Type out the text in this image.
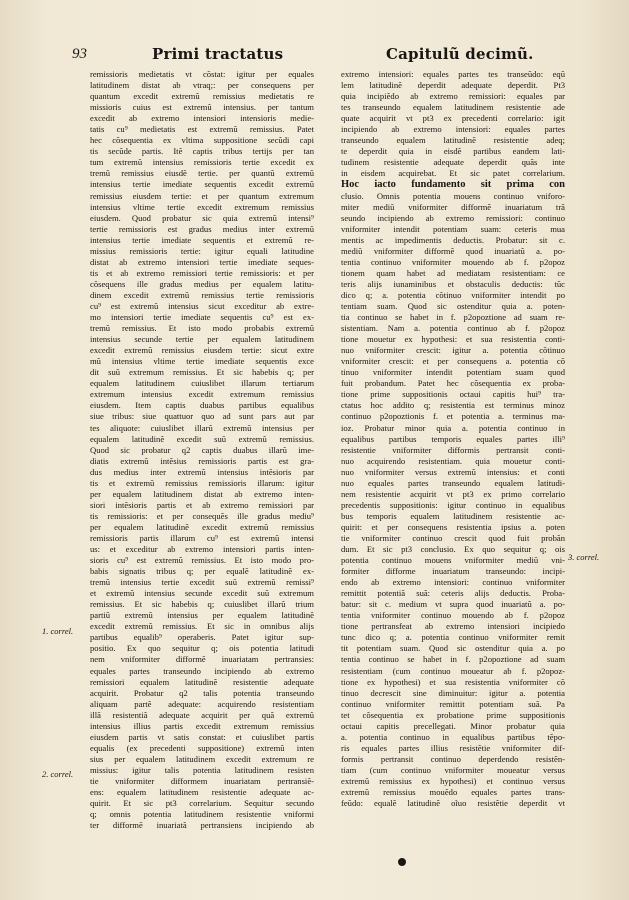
93	Primi tractatus	Capitulũ decimũ.
remissioris medietatis vt cõstat: igitur per equales
latitudinem distat ab vtraq;: per consequens per
quantum excedit extremũ remissius medietatis re
missioris cuius est extremũ intensius. per tantum
excedit ab extremo intensiori intensioris medie-
tatis cu⁹ medietatis est extremũ remissius. Patet
hec cõsequentia ex vltima suppositione secũdi capi
tis secũde partis. Itẽ captis tribus tertijs per tan
tum extremũ intensius remissioris tertie excedit ex
tremũ remissius eiusdẽ tertie. per quantũ extremũ
intensius tertie imediate sequentis excedit extremũ
remissius eiusdem tertie: et per quantum extremum
intensius vltime tertie excedit extremum remissius
eiusdem. Quod probatur sic quia extremũ intensi⁹
tertie remissioris est gradus medius inter extremũ
intensius tertie imediate sequentis et extremũ re-
missius remissioris tertie: igitur equali latitudine
distat ab extremo intensiori tertie imediate seques-
tis et ab extremo remissiori tertie remissioris: et per
cõsequens ille gradus medius per equalem latitu-
dinem excedit extremũ remissius tertie remissioris
cu⁹ est extremũ intensius sicut exceditur ab extre-
mo intensiori tertie imediate sequentis cu⁹ est ex-
tremũ remissius. Et isto modo probabis extremũ
intensius secunde tertie per equalem latitudinem
excedit extremũ remissius eiusdem tertie: sicut extre
mũ intensius vltime tertie imediate sequentis exce
dit suũ extremum remissius. Et sic habebis q; per
equalem latitudinem cuiuslibet illarum tertiarum
extremum intensius excedit extremum remissius
eiusdem. Item captis duabus partibus equalibus
siue tribus: siue quattuor quo ad sunt pars aut par
tes aliquote: cuiuslibet illarũ extremũ intensius per
equalem latitudinẽ excedit suũ extremũ remissius.
Quod sic probatur q2 captis duabus illarũ ime-
diatis extremũ intẽsius remissioris partis est gra-
dus medius inter extremũ intensius intẽsioris par
tis et extremũ remissius remissioris illarum: igitur
per equalem latitudinem distat ab extremo inten-
siori intẽsioris partis et ab extremo remissiori par
tis remissioris: et per consequẽs ille gradus mediu⁹
per equalem latitudinẽ excedit extremũ remissius
remissioris partis illarum cu⁹ est extremũ intensi
us: et exceditur ab extremo intensiori partis inten-
sioris cu⁹ est extremũ remissius. Et isto modo pro-
babis signatis tribus q; per equalẽ latitudinẽ ex-
tremũ intensius tertie excedit suũ extremũ remissi⁹
et extremũ intensius secunde excedit suũ extremum
remissius. Et sic habebis q; cuiuslibet illarũ trium
partiũ extremũ intensius per equalem latitudinẽ
excedit extremũ remissius. Et sic in omnibus alijs
partibus equalib⁹ operaberis. Patet igitur sup-
positio. Ex quo sequitur q; ois potentia latitudi
nem vniformiter difformẽ inuariatam pertransies:
equales partes transeundo incipiendo ab extremo
remissiori equalem latitudinẽ resistentie adequate
acquirit. Probatur q2 talis potentia transeundo
aliquam partẽ adequate: acquirendo resistentiam
illã resistentiã adequate acquirit per quã extremũ
intensius illius partis excedit extremum remissius
eiusdem partis vt satis constat: et cuiuslibet partis
equalis (ex precedenti suppositione) extremũ inten
sius per equalem latitudinem excedit extremum re
missius: igitur talis potentia latitudinem resisten
tie vniformiter difformem inuariatam pertransiẽ-
ens: equalem latitudinem resistentie adequate ac-
quirit. Et sic pt3 correlarium. Sequitur secundo
q; omnis potentia latitudinem resistentie vniformi
ter difformẽ inuariatã pertransiens incipiendo ab
extremo intensiori: equales partes tes transeũdo: eqũ
lem latitudinẽ deperdit adequate deperdit. Pt3
quia incipiẽdo ab extremo remissiori: equales par
tes transeundo equalem latitudinem resistentie ade
quate acquirit vt pt3 ex precedenti correlario: igit
incipiendo ab extremo intensiori: equales partes
transeundo equalem latitudinẽ resistentie adeq;
te deperdit quia in eisdẽ partibus eandem lati-
tudinem resistentie adequate deperdit quãs inte
in eisdem acquirebat. Et sic patet correlarium.
Hoc iacto fundamento sit prima con
clusio. Omnis potentia mouens continuo vniforo-
miter mediũ vniformiter difformẽ inuariatum trã
seundo incipiendo ab extremo remissiori: continuo
vniformiter intendit potentiam suam: ceteris mua
mentis ac impedimentis deductis. Probatur: sit c.
mediũ vniformiter difformẽ quod inuariatũ a. po-
tentia continuo vniformiter mouendo ab f. p2opoz
tionem quam habet ad mediatam resistentiam: ce
teris alijs iunaminibus et obstaculis deductis: tũc
dico q; a. potentia cõtinuo vniformiter intendit po
tentiam suam. Quod sic ostenditur quia a. poten-
tia continuo se habet in f. p2opoztione ad suam re-
sistentiam. Nam a. potentia continuo ab f. p2opoz
tione mouetur ex hypothesi: et sua resistentia conti-
nuo vniformiter crescit: igitur a. potentia cõtinuo
vniformiter crescit: et per consequens a. potentia cõ
tinuo vniformiter intendit potentiam suam quod
fuit probandum. Patet hec cõsequentia ex proba-
tione prime suppositionis octaui capitis hui⁹ tra-
ctatus hoc addito q; resistentia est terminus minoz
continuo p2opoztionis f. et potentia a. terminus ma-
ioz. Probatur minor quia a. potentia continuo in
equalibus partibus temporis equales partes illi⁹
resistentie vniformiter difformis pertransit conti-
nuo acquirendo resistentiam. quia mouetur conti-
nuo vniformiter versus extremũ intensius: et conti
nuo equales partes transeundo equalem latitudi-
nem resistentie acquirit vt pt3 ex primo correlario
precedentis suppositionis: igitur continuo in equalibus
bus temporis equalem latitudinem resistentie ac-
quirit: et per consequens resistentia ipsius a. poten
tie vniformiter continuo crescit quod fuit probãn
dum. Et sic pt3 conclusio. Ex quo sequitur q; ois
potentia continuo mouens vniformiter mediũ vni-
formiter difforme inuariatum transeundo: incipi-
endo ab extremo intensiori: continuo vniformiter
remittit potentiã suã: ceteris alijs deductis. Proba-
batur: sit c. medium vt supra quod inuariatũ a. po-
tentia vniformiter continuo mouendo ab f. p2opoz
tione pertransfeat ab extremo intensiori incipiedo
tunc dico q; a. potentia continuo vniformiter remit
tit potentiam suam. Quod sic ostenditur quia a. po
tentia continuo se habet in f. p2opoztione ad suam
resistentiam (cum continuo moueatur ab f. p2opoz-
tione ex hypothesi) et sua resistentia vniformiter cõ
tinuo decrescit sine diminuitur: igitur a. potentia
continuo vniformiter remittit potentiam suã. Pa
tet cõsequentia ex probatione prime suppositionis
octaui capitis precellegati. Minor probatur quia
a. potentia continuo in equalibus partibus tẽpo-
ris equales partes illius resistẽtie vniformiter dif-
formis pertransit continuo deperdendo resistẽn-
tiam (cum continuo vniformiter moueatur versus
extremũ remissius ex hypothesi) et continuo versus
extremũ remissius mouẽdo equales partes trans-
feũdo: equalẽ latitudinẽ oĩuo resistẽtie deperdit vt
1. correl.
2. correl.
3. correl.
